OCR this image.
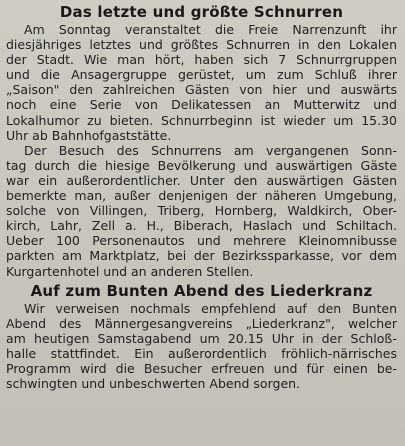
Das letzte und größte Schnurren
Am Sonntag veranstaltet die Freie Narrenzunft ihr
diesjähriges letztes und größtes Schnurren in den Lokalen
der Stadt. Wie man hört, haben sich 7 Schnurrgruppen
und die Ansagergruppe gerüstet, um zum Schluß ihrer
„Saison" den zahlreichen Gästen von hier und auswärts
noch eine Serie von Delikatessen an Mutterwitz und
Lokalhumor zu bieten. Schnurrbeginn ist wieder um 15.30
Uhr ab Bahnhofgaststätte.
Der Besuch des Schnurrens am vergangenen Sonn-
tag durch die hiesige Bevölkerung und auswärtigen Gäste
war ein außerordentlicher. Unter den auswärtigen Gästen
bemerkte man, außer denjenigen der näheren Umgebung,
solche von Villingen, Triberg, Hornberg, Waldkirch, Ober-
kirch, Lahr, Zell a. H., Biberach, Haslach und Schiltach.
Ueber 100 Personenautos und mehrere Kleinomnibusse
parkten am Marktplatz, bei der Bezirkssparkasse, vor dem
Kurgartenhotel und an anderen Stellen.
Auf zum Bunten Abend des Liederkranz
Wir verweisen nochmals empfehlend auf den Bunten
Abend des Männergesangvereins „Liederkranz", welcher
am heutigen Samstagabend um 20.15 Uhr in der Schloß-
halle stattfindet. Ein außerordentlich fröhlich-närrisches
Programm wird die Besucher erfreuen und für einen be-
schwingten und unbeschwerten Abend sorgen.
